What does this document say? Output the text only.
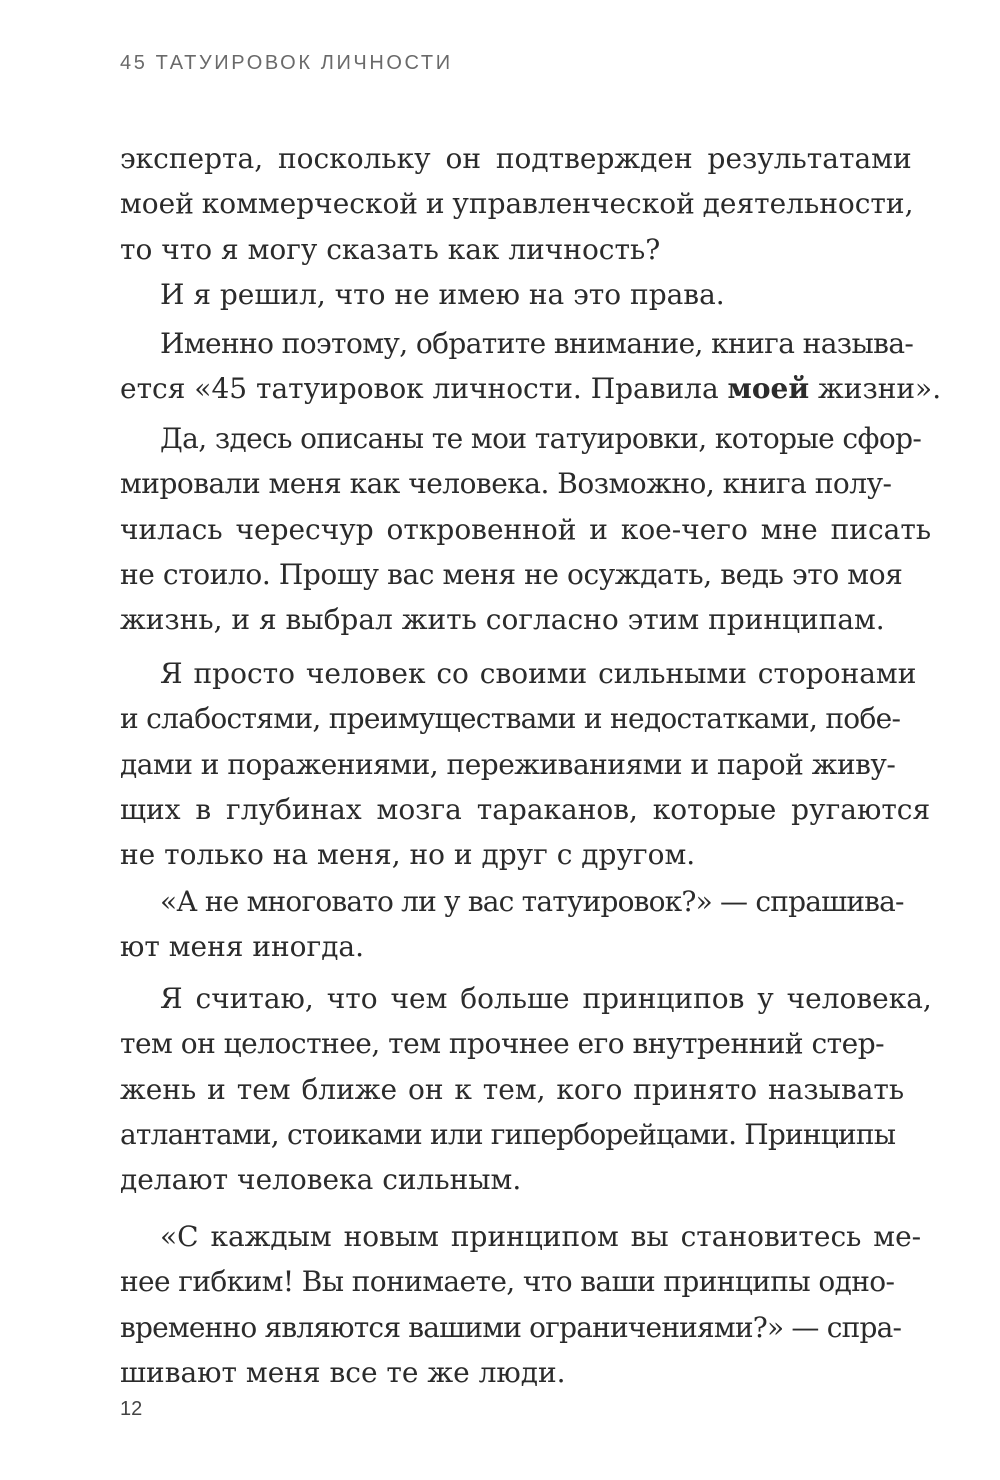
45 ТАТУИРОВОК ЛИЧНОСТИ
эксперта, поскольку он подтвержден результатами
моей коммерческой и управленческой деятельности,
то что я могу сказать как личность?
И я решил, что не имею на это права.
Именно поэтому, обратите внимание, книга называ-
ется «45 татуировок личности. Правила моей жизни».
Да, здесь описаны те мои татуировки, которые сфор-
мировали меня как человека. Возможно, книга полу-
чилась чересчур откровенной и кое-чего мне писать
не стоило. Прошу вас меня не осуждать, ведь это моя
жизнь, и я выбрал жить согласно этим принципам.
Я просто человек со своими сильными сторонами
и слабостями, преимуществами и недостатками, побе-
дами и поражениями, переживаниями и парой живу-
щих в глубинах мозга тараканов, которые ругаются
не только на меня, но и друг с другом.
«А не многовато ли у вас татуировок?» — спрашива-
ют меня иногда.
Я считаю, что чем больше принципов у человека,
тем он целостнее, тем прочнее его внутренний стер-
жень и тем ближе он к тем, кого принято называть
атлантами, стоиками или гиперборейцами. Принципы
делают человека сильным.
«С каждым новым принципом вы становитесь ме-
нее гибким! Вы понимаете, что ваши принципы одно-
временно являются вашими ограничениями?» — спра-
шивают меня все те же люди.
12
